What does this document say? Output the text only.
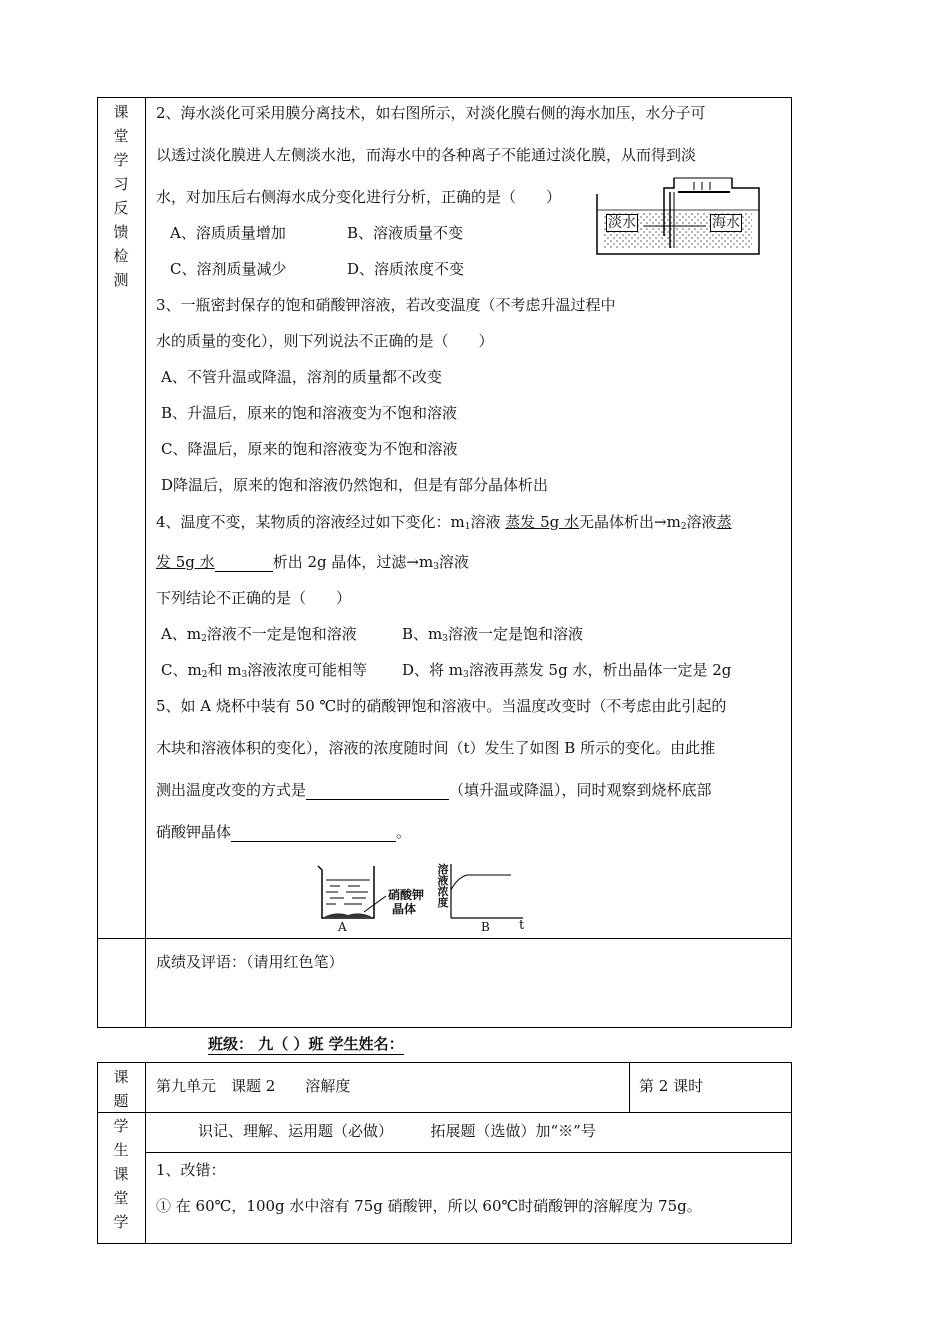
课
堂
学
习
反
馈
检
测
2、海水淡化可采用膜分离技术，如右图所示，对淡化膜右侧的海水加压，水分子可
以透过淡化膜进人左侧淡水池，而海水中的各种离子不能通过淡化膜，从而得到淡
水，对加压后右侧海水成分变化进行分析，正确的是（　　）
A、溶质质量增加	B、溶液质量不变
C、溶剂质量减少	D、溶质浓度不变
淡水	海水
3、一瓶密封保存的饱和硝酸钾溶液，若改变温度（不考虑升温过程中
水的质量的变化），则下列说法不正确的是（　　）
A、不管升温或降温，溶剂的质量都不改变
B、升温后，原来的饱和溶液变为不饱和溶液
C、降温后，原来的饱和溶液变为不饱和溶液
D降温后，原来的饱和溶液仍然饱和，但是有部分晶体析出
4、温度不变，某物质的溶液经过如下变化：$m_1$溶液 蒸发 5g 水无晶体析出$\to m_2$溶液蒸
发 5g 水	析出 2g 晶体，过滤$\to m_3$溶液
下列结论不正确的是（　　）
A、$m_2$溶液不一定是饱和溶液	B、$m_3$溶液一定是饱和溶液
C、$m_2$和 $m_3$溶液浓度可能相等 D、将 $m_3$溶液再蒸发 5g 水，析出晶体一定是 2g
5、如 A 烧杯中装有 50 ℃时的硝酸钾饱和溶液中。当温度改变时（不考虑由此引起的
木块和溶液体积的变化），溶液的浓度随时间（t）发生了如图 B 所示的变化。由此推
测出温度改变的方式是	（填升温或降温），同时观察到烧杯底部
硝酸钾晶体	。
硝酸钾
晶体
A
溶
液
浓
度
B t
成绩及评语：（请用红色笔）
班级： 九（ ）班 学生姓名：
课
题
第九单元　课题 2　　溶解度	第 2 课时
学
生
课
堂
学
识记、理解、运用题（必做）　　　拓展题（选做）加“※”号
1、改错：
① 在 60℃，100g 水中溶有 75g 硝酸钾，所以 60℃时硝酸钾的溶解度为 75g。
